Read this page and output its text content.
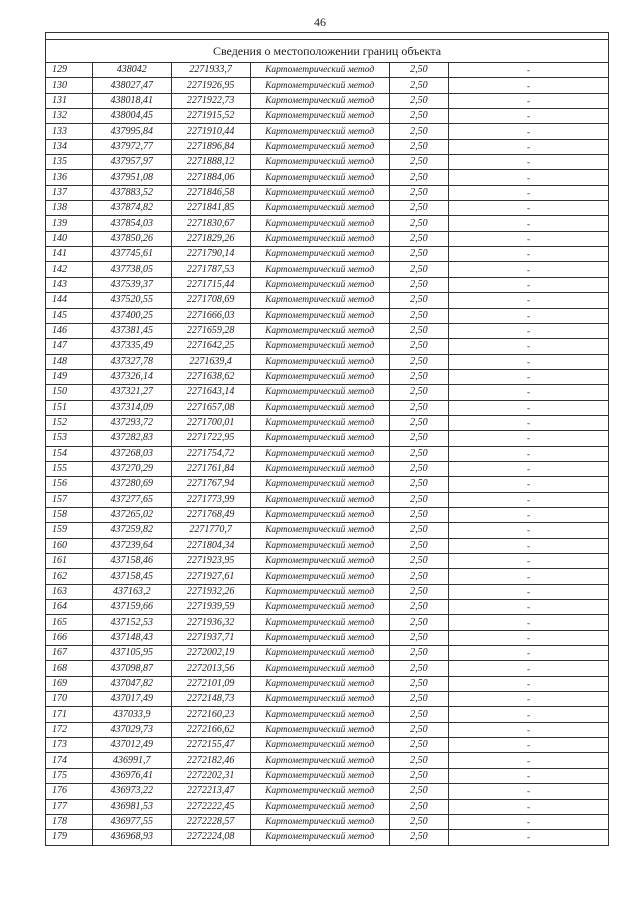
46

Сведения о местоположении границ объекта					
129	438042	2271933,7	Картометрический метод	2,50	-
130	438027,47	2271926,95	Картометрический метод	2,50	-
131	438018,41	2271922,73	Картометрический метод	2,50	-
132	438004,45	2271915,52	Картометрический метод	2,50	-
133	437995,84	2271910,44	Картометрический метод	2,50	-
134	437972,77	2271896,84	Картометрический метод	2,50	-
135	437957,97	2271888,12	Картометрический метод	2,50	-
136	437951,08	2271884,06	Картометрический метод	2,50	-
137	437883,52	2271846,58	Картометрический метод	2,50	-
138	437874,82	2271841,85	Картометрический метод	2,50	-
139	437854,03	2271830,67	Картометрический метод	2,50	-
140	437850,26	2271829,26	Картометрический метод	2,50	-
141	437745,61	2271790,14	Картометрический метод	2,50	-
142	437738,05	2271787,53	Картометрический метод	2,50	-
143	437539,37	2271715,44	Картометрический метод	2,50	-
144	437520,55	2271708,69	Картометрический метод	2,50	-
145	437400,25	2271666,03	Картометрический метод	2,50	-
146	437381,45	2271659,28	Картометрический метод	2,50	-
147	437335,49	2271642,25	Картометрический метод	2,50	-
148	437327,78	2271639,4	Картометрический метод	2,50	-
149	437326,14	2271638,62	Картометрический метод	2,50	-
150	437321,27	2271643,14	Картометрический метод	2,50	-
151	437314,09	2271657,08	Картометрический метод	2,50	-
152	437293,72	2271700,01	Картометрический метод	2,50	-
153	437282,83	2271722,95	Картометрический метод	2,50	-
154	437268,03	2271754,72	Картометрический метод	2,50	-
155	437270,29	2271761,84	Картометрический метод	2,50	-
156	437280,69	2271767,94	Картометрический метод	2,50	-
157	437277,65	2271773,99	Картометрический метод	2,50	-
158	437265,02	2271768,49	Картометрический метод	2,50	-
159	437259,82	2271770,7	Картометрический метод	2,50	-
160	437239,64	2271804,34	Картометрический метод	2,50	-
161	437158,46	2271923,95	Картометрический метод	2,50	-
162	437158,45	2271927,61	Картометрический метод	2,50	-
163	437163,2	2271932,26	Картометрический метод	2,50	-
164	437159,66	2271939,59	Картометрический метод	2,50	-
165	437152,53	2271936,32	Картометрический метод	2,50	-
166	437148,43	2271937,71	Картометрический метод	2,50	-
167	437105,95	2272002,19	Картометрический метод	2,50	-
168	437098,87	2272013,56	Картометрический метод	2,50	-
169	437047,82	2272101,09	Картометрический метод	2,50	-
170	437017,49	2272148,73	Картометрический метод	2,50	-
171	437033,9	2272160,23	Картометрический метод	2,50	-
172	437029,73	2272166,62	Картометрический метод	2,50	-
173	437012,49	2272155,47	Картометрический метод	2,50	-
174	436991,7	2272182,46	Картометрический метод	2,50	-
175	436976,41	2272202,31	Картометрический метод	2,50	-
176	436973,22	2272213,47	Картометрический метод	2,50	-
177	436981,53	2272222,45	Картометрический метод	2,50	-
178	436977,55	2272228,57	Картометрический метод	2,50	-
179	436968,93	2272224,08	Картометрический метод	2,50	-
